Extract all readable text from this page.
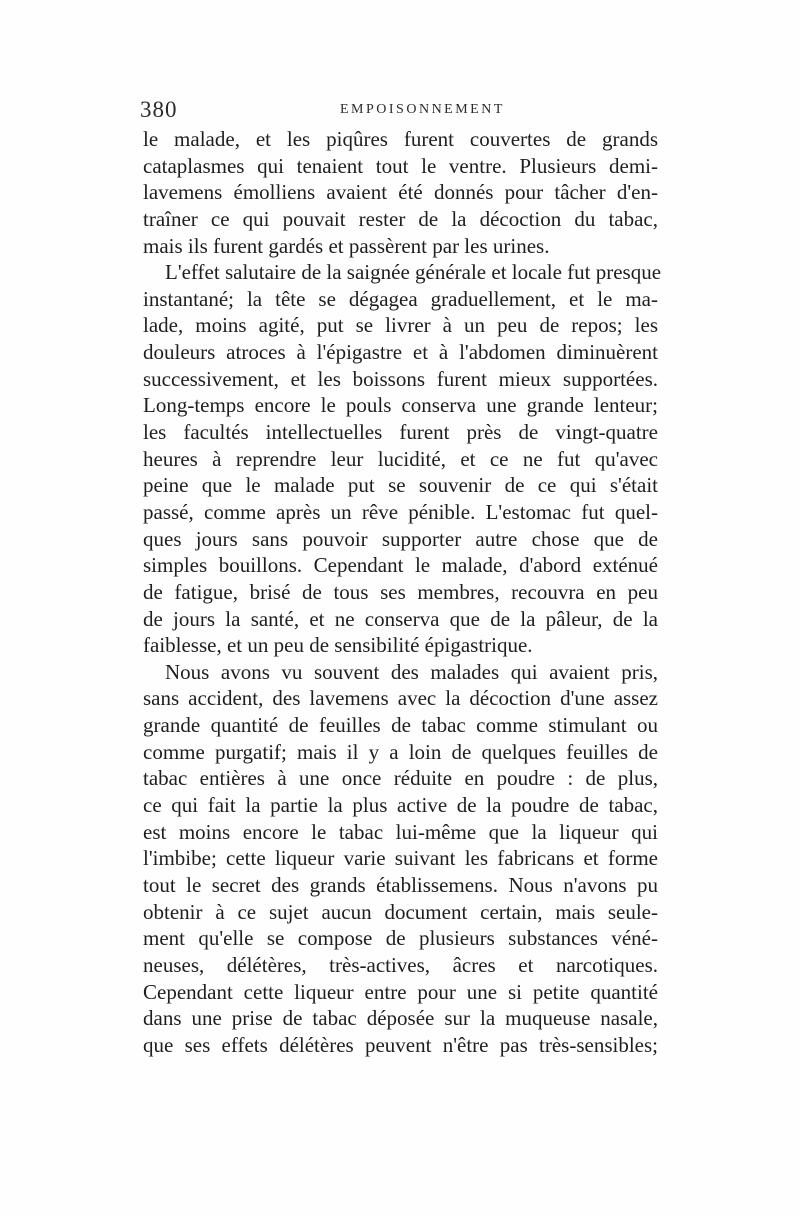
380	EMPOISONNEMENT
le malade, et les piqûres furent couvertes de grands
cataplasmes qui tenaient tout le ventre. Plusieurs demi-
lavemens émolliens avaient été donnés pour tâcher d'en-
traîner ce qui pouvait rester de la décoction du tabac,
mais ils furent gardés et passèrent par les urines.
L'effet salutaire de la saignée générale et locale fut presque
instantané; la tête se dégagea graduellement, et le ma-
lade, moins agité, put se livrer à un peu de repos; les
douleurs atroces à l'épigastre et à l'abdomen diminuèrent
successivement, et les boissons furent mieux supportées.
Long-temps encore le pouls conserva une grande lenteur;
les facultés intellectuelles furent près de vingt-quatre
heures à reprendre leur lucidité, et ce ne fut qu'avec
peine que le malade put se souvenir de ce qui s'était
passé, comme après un rêve pénible. L'estomac fut quel-
ques jours sans pouvoir supporter autre chose que de
simples bouillons. Cependant le malade, d'abord exténué
de fatigue, brisé de tous ses membres, recouvra en peu
de jours la santé, et ne conserva que de la pâleur, de la
faiblesse, et un peu de sensibilité épigastrique.
Nous avons vu souvent des malades qui avaient pris,
sans accident, des lavemens avec la décoction d'une assez
grande quantité de feuilles de tabac comme stimulant ou
comme purgatif; mais il y a loin de quelques feuilles de
tabac entières à une once réduite en poudre : de plus,
ce qui fait la partie la plus active de la poudre de tabac,
est moins encore le tabac lui-même que la liqueur qui
l'imbibe; cette liqueur varie suivant les fabricans et forme
tout le secret des grands établissemens. Nous n'avons pu
obtenir à ce sujet aucun document certain, mais seule-
ment qu'elle se compose de plusieurs substances véné-
neuses, délétères, très-actives, âcres et narcotiques.
Cependant cette liqueur entre pour une si petite quantité
dans une prise de tabac déposée sur la muqueuse nasale,
que ses effets délétères peuvent n'être pas très-sensibles;
